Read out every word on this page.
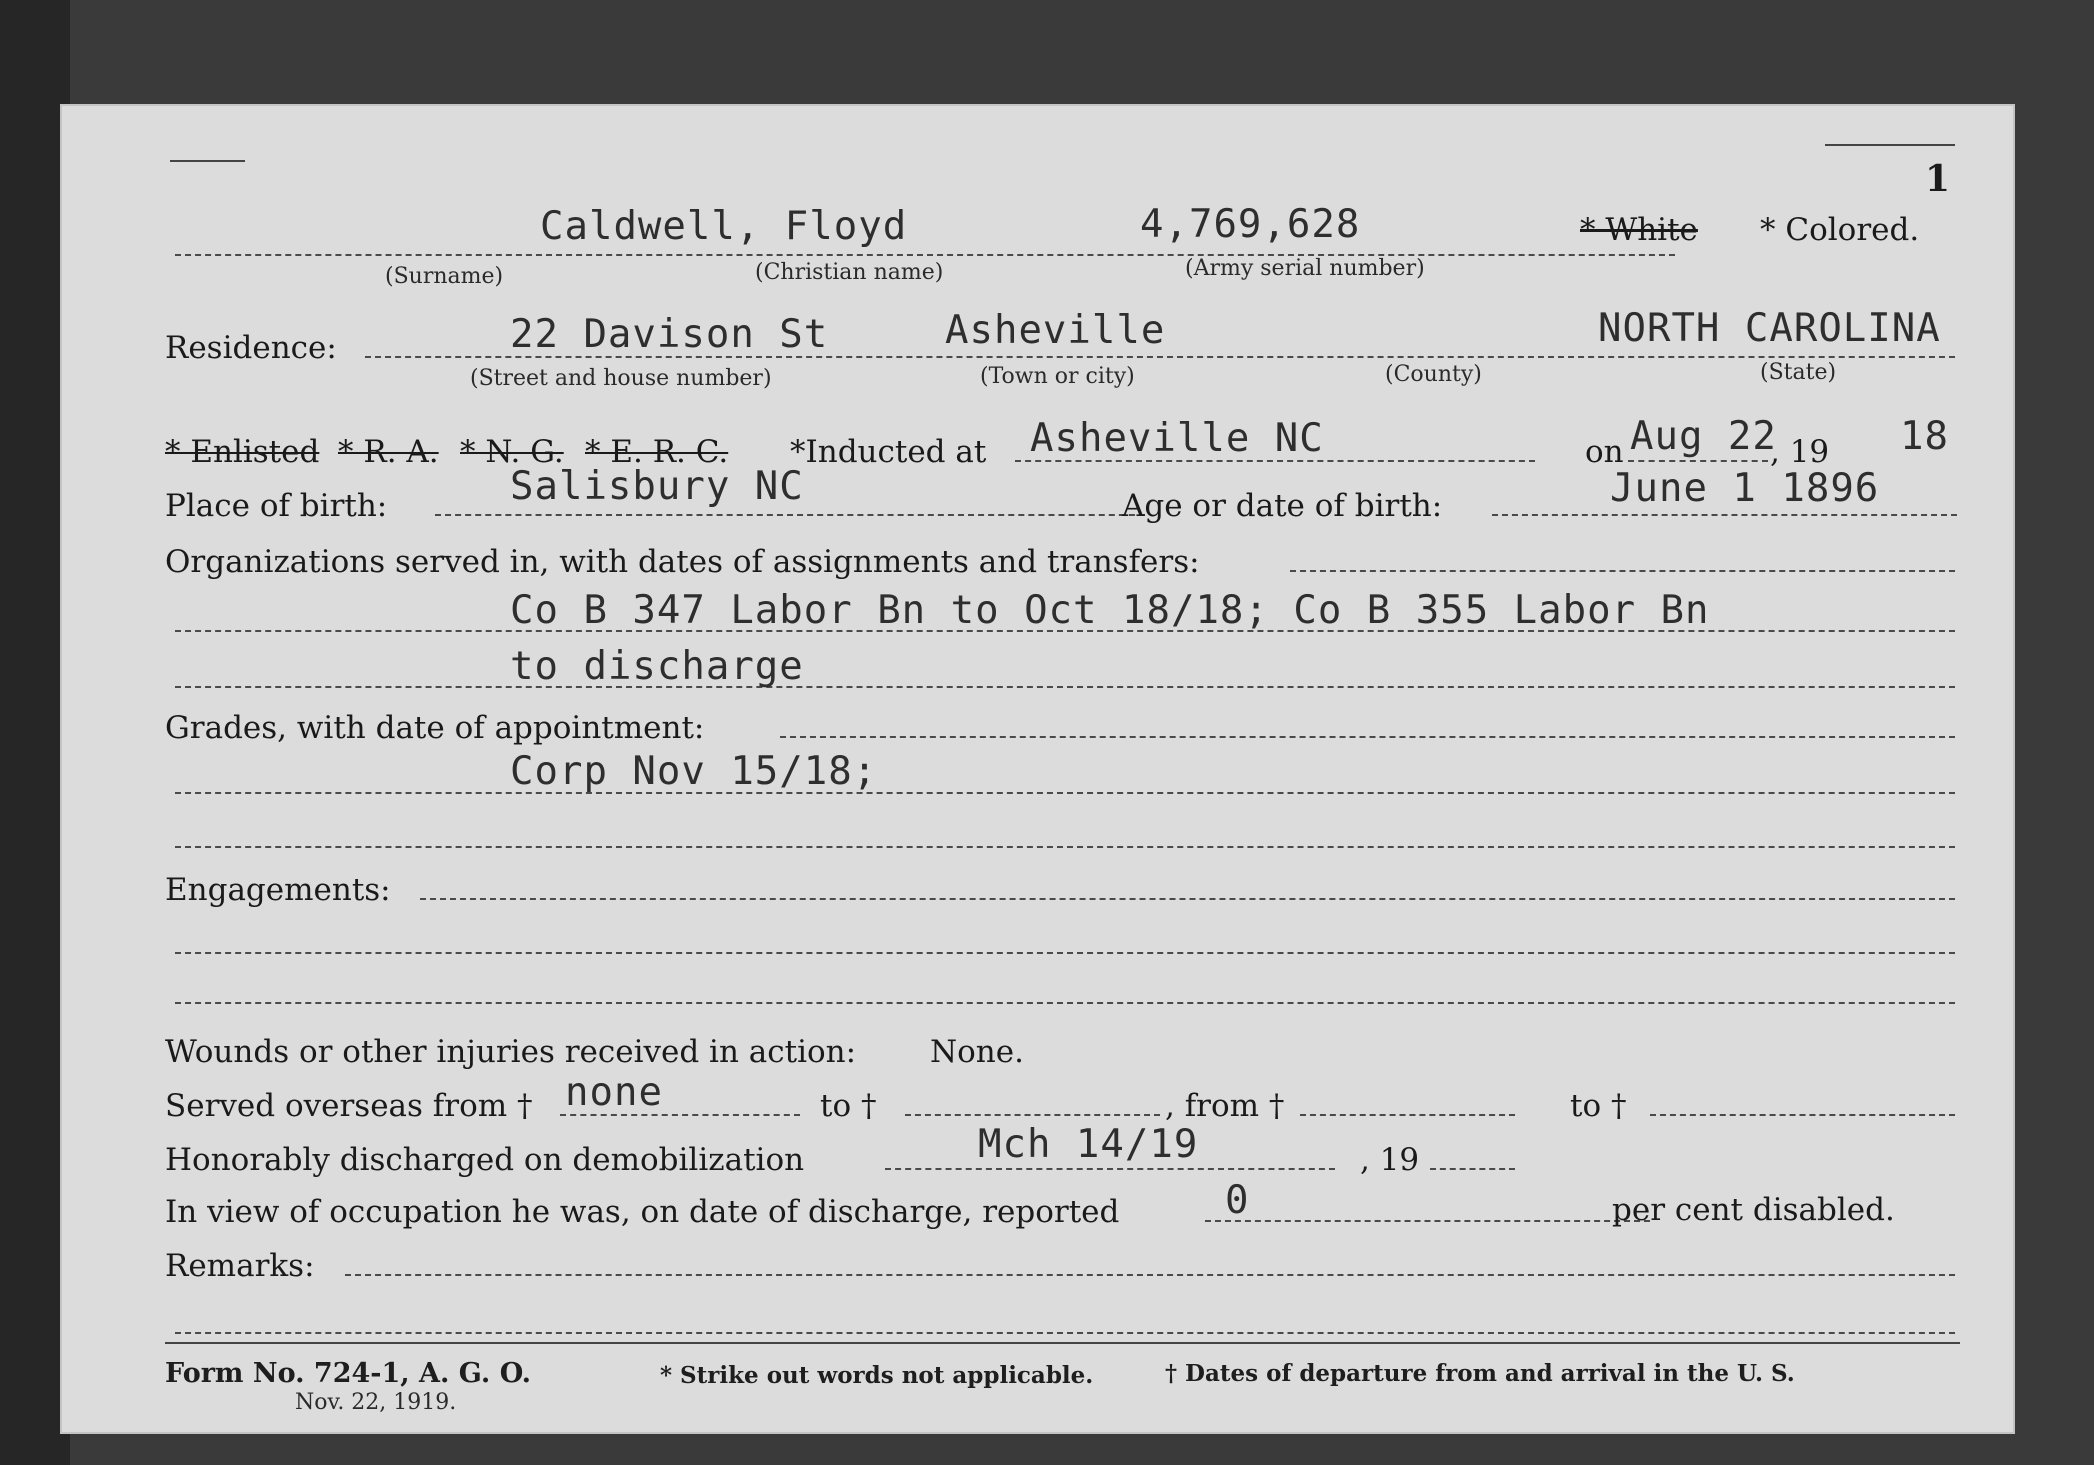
1
Caldwell, Floyd	4,769,628	* White * Colored.
(Surname)	(Christian name)	(Army serial number)
Residence:	22 Davison St	Asheville	NORTH CAROLINA
(Street and house number)	(Town or city)	(County)	(State)
* Enlisted * R. A. * N. G. * E. R. C. *Inducted at Asheville NC	on Aug 22
, 19 18
Place of birth:	Salisbury NC	Age or date of birth:	June 1 1896
Organizations served in, with dates of assignments and transfers:
Co B 347 Labor Bn to Oct 18/18; Co B 355 Labor Bn
to discharge
Grades, with date of appointment:
Corp Nov 15/18;
Engagements:
Wounds or other injuries received in action: None.
Served overseas from † none	to †	, from †	to †
Honorably discharged on demobilization	Mch 14/19	, 19
In view of occupation he was, on date of discharge, reported	0	per cent disabled.
Remarks:
Form No. 724-1, A. G. O.
Nov. 22, 1919.
* Strike out words not applicable.	† Dates of departure from and arrival in the U. S.
